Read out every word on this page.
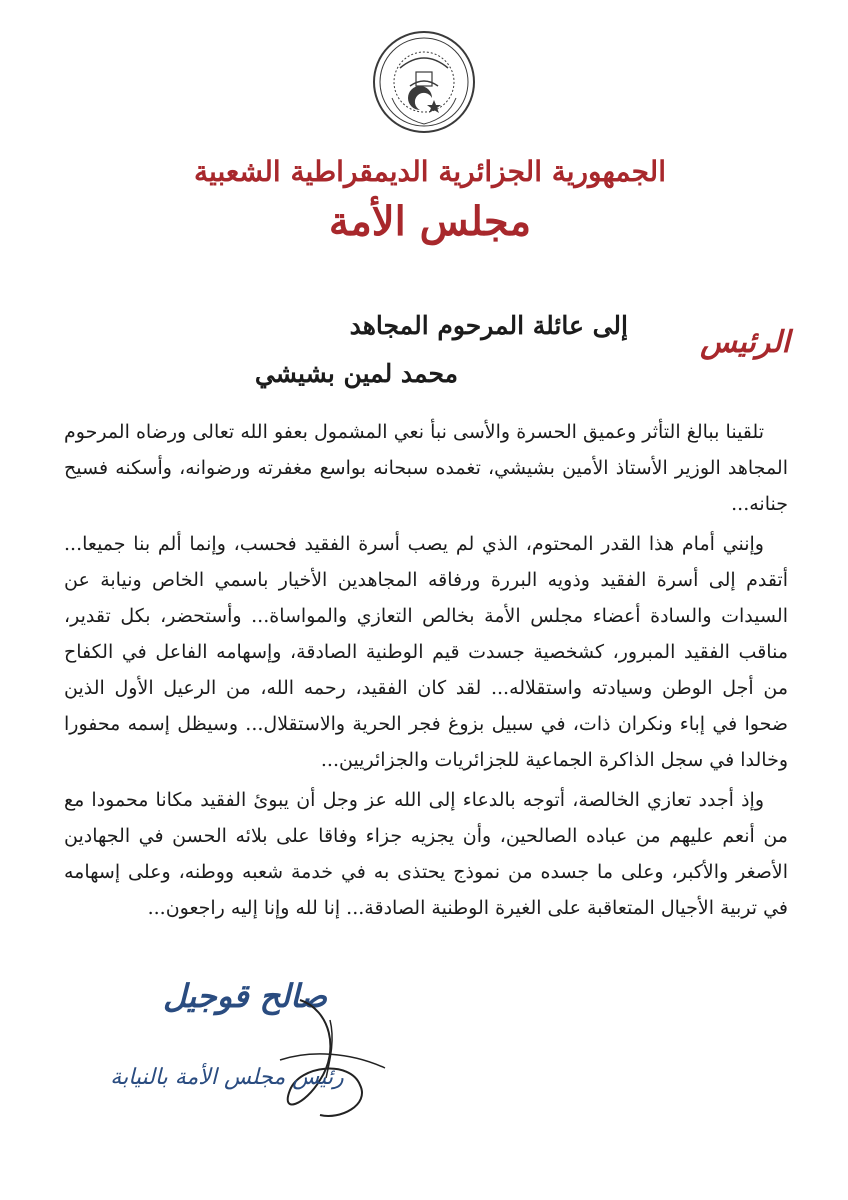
الجمهورية الجزائرية الديمقراطية الشعبية
مجلس الأمة
الرئيس
إلى عائلة المرحوم المجاهد
محمد لمين بشيشي

تلقينا ببالغ التأثر وعميق الحسرة والأسى نبأ نعي المشمول بعفو الله تعالى ورضاه المرحوم المجاهد الوزير الأستاذ الأمين بشيشي، تغمده سبحانه بواسع مغفرته ورضوانه، وأسكنه فسيح جنانه...

وإنني أمام هذا القدر المحتوم، الذي لم يصب أسرة الفقيد فحسب، وإنما ألم بنا جميعا... أتقدم إلى أسرة الفقيد وذويه البررة ورفاقه المجاهدين الأخيار باسمي الخاص ونيابة عن السيدات والسادة أعضاء مجلس الأمة بخالص التعازي والمواساة... وأستحضر، بكل تقدير، مناقب الفقيد المبرور، كشخصية جسدت قيم الوطنية الصادقة، وإسهامه الفاعل في الكفاح من أجل الوطن وسيادته واستقلاله... لقد كان الفقيد، رحمه الله، من الرعيل الأول الذين ضحوا في إباء ونكران ذات، في سبيل بزوغ فجر الحرية والاستقلال... وسيظل إسمه محفورا وخالدا في سجل الذاكرة الجماعية للجزائريات والجزائريين...

وإذ أجدد تعازي الخالصة، أتوجه بالدعاء إلى الله عز وجل أن يبوئ الفقيد مكانا محمودا مع من أنعم عليهم من عباده الصالحين، وأن يجزيه جزاء وفاقا على بلائه الحسن في الجهادين الأصغر والأكبر، وعلى ما جسده من نموذج يحتذى به في خدمة شعبه ووطنه، وعلى إسهامه في تربية الأجيال المتعاقبة على الغيرة الوطنية الصادقة... إنا لله وإنا إليه راجعون...

صالح قوجيل
رئيس مجلس الأمة بالنيابة
